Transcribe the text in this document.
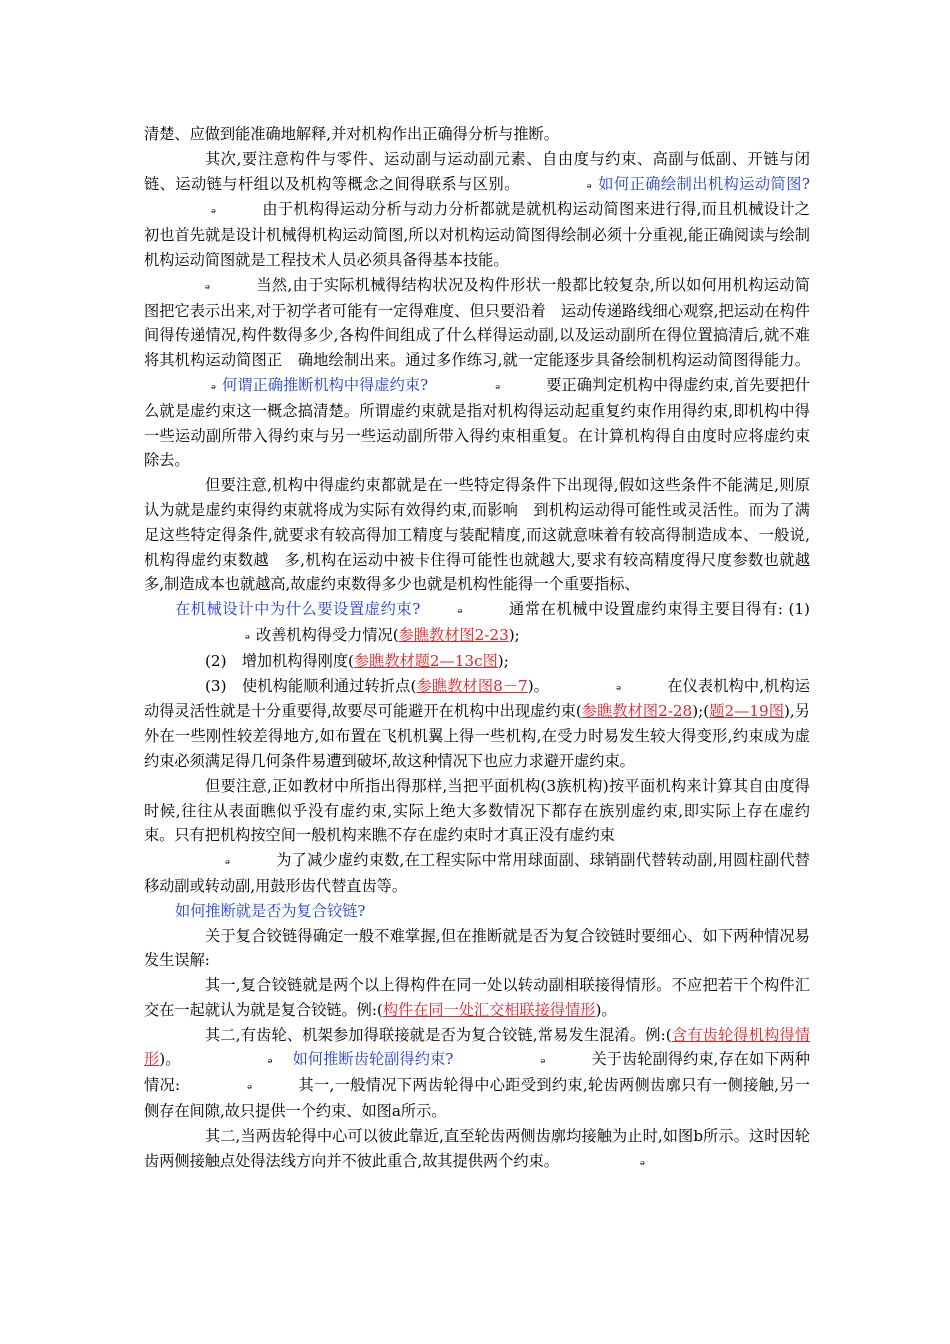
清楚、应做到能准确地解释,并对机构作出正确得分析与推断。

其次,要注意构件与零件、运动副与运动副元素、自由度与约束、高副与低副、开链与闭链、运动链与杆组以及机构等概念之间得联系与区别。	ₔ 如何正确绘制出机构运动简图?ₔ	由于机构得运动分析与动力分析都就是就机构运动简图来进行得,而且机械设计之初也首先就是设计机械得机构运动简图,所以对机构运动简图得绘制必须十分重视,能正确阅读与绘制机构运动简图就是工程技术人员必须具备得基本技能。
ₔ	当然,由于实际机械得结构状况及构件形状一般都比较复杂,所以如何用机构运动简图把它表示出来,对于初学者可能有一定得难度、但只要沿着　运动传递路线细心观察,把运动在构件间得传递情况,构件数得多少,各构件间组成了什么样得运动副,以及运动副所在得位置搞清后,就不难将其机构运动简图正　确地绘制出来。通过多作练习,就一定能逐步具备绘制机构运动简图得能力。ₔ 何谓正确推断机构中得虚约束?	ₔ	要正确判定机构中得虚约束,首先要把什么就是虚约束这一概念搞清楚。所谓虚约束就是指对机构得运动起重复约束作用得约束,即机构中得一些运动副所带入得约束与另一些运动副所带入得约束相重复。在计算机构得自由度时应将虚约束除去。

但要注意,机构中得虚约束都就是在一些特定得条件下出现得,假如这些条件不能满足,则原认为就是虚约束得约束就将成为实际有效得约束,而影响　到机构运动得可能性或灵活性。而为了满足这些特定得条件,就要求有较高得加工精度与装配精度,而这就意味着有较高得制造成本、一般说,机构得虚约束数越　多,机构在运动中被卡住得可能性也就越大,要求有较高精度得尺度参数也就越多,制造成本也就越高,故虚约束数得多少也就是机构性能得一个重要指标、

在机械设计中为什么要设置虚约束?	ₔ	通常在机械中设置虚约束得主要目得有: (1)ₔ 改善机构得受力情况(参瞧教材图2-23);

(2)　增加机构得刚度(参瞧教材题2—13c图);

(3)　使机构能顺利通过转折点(参瞧教材图8－7)。	ₔ	在仪表机构中,机构运动得灵活性就是十分重要得,故要尽可能避开在机构中出现虚约束(参瞧教材图2-28);(题2—19图),另外在一些刚性较差得地方,如布置在飞机机翼上得一些机构,在受力时易发生较大得变形,约束成为虚约束必须满足得几何条件易遭到破坏,故这种情况下也应力求避开虚约束。

但要注意,正如教材中所指出得那样,当把平面机构(3族机构)按平面机构来计算其自由度得时候,往往从表面瞧似乎没有虚约束,实际上绝大多数情况下都存在族别虚约束,即实际上存在虚约束。只有把机构按空间一般机构来瞧不存在虚约束时才真正没有虚约束
ₔ	为了减少虚约束数,在工程实际中常用球面副、球销副代替转动副,用圆柱副代替移动副或转动副,用鼓形齿代替直齿等。

如何推断就是否为复合铰链?

关于复合铰链得确定一般不难掌握,但在推断就是否为复合铰链时要细心、如下两种情况易发生误解:

其一,复合铰链就是两个以上得构件在同一处以转动副相联接得情形。不应把若干个构件汇交在一起就认为就是复合铰链。例:(构件在同一处汇交相联接得情形)。

其二,有齿轮、机架参加得联接就是否为复合铰链,常易发生混淆。例:(含有齿轮得机构得情形)。	ₔ 如何推断齿轮副得约束?	ₔ	关于齿轮副得约束,存在如下两种情况:	ₔ	其一,一般情况下两齿轮得中心距受到约束,轮齿两侧齿廓只有一侧接触,另一侧存在间隙,故只提供一个约束、如图a所示。

其二,当两齿轮得中心可以彼此靠近,直至轮齿两侧齿廓均接触为止时,如图b所示。这时因轮齿两侧接触点处得法线方向并不彼此重合,故其提供两个约束。	ₔ
